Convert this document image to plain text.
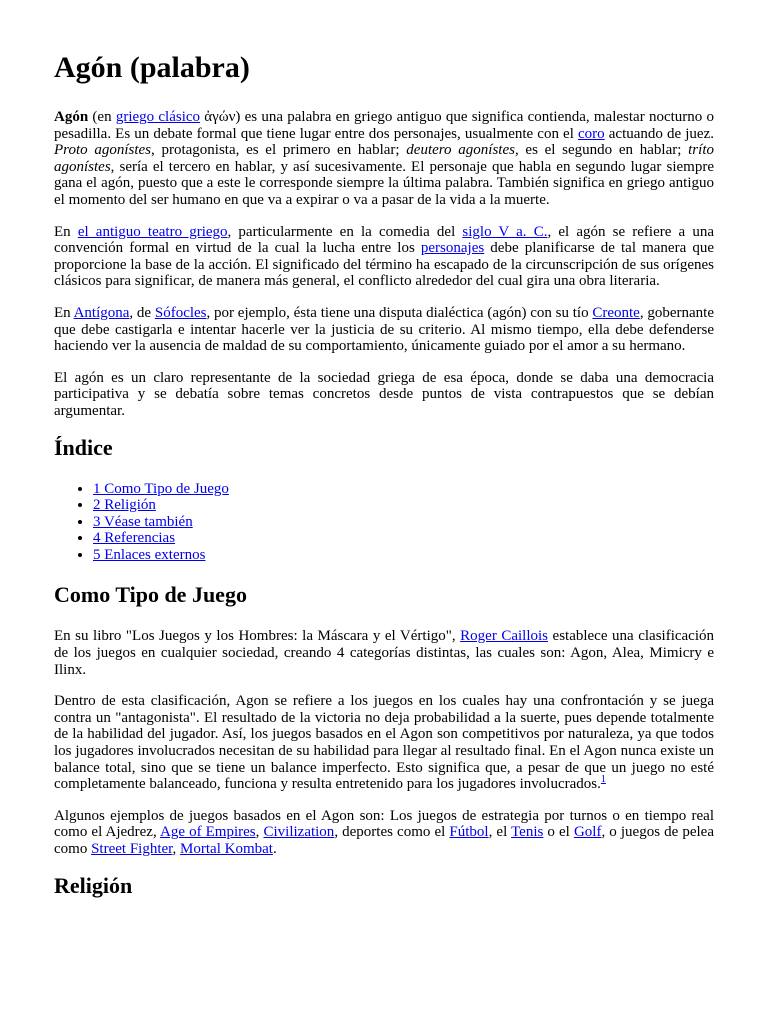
Agón (palabra)

Agón (en griego clásico ἀγών) es una palabra en griego antiguo que significa contienda, malestar nocturno o pesadilla. Es un debate formal que tiene lugar entre dos personajes, usualmente con el coro actuando de juez. Proto agonístes, protagonista, es el primero en hablar; deutero agonístes, es el segundo en hablar; tríto agonístes, sería el tercero en hablar, y así sucesivamente. El personaje que habla en segundo lugar siempre gana el agón, puesto que a este le corresponde siempre la última palabra. También significa en griego antiguo el momento del ser humano en que va a expirar o va a pasar de la vida a la muerte.

En el antiguo teatro griego, particularmente en la comedia del siglo V a. C., el agón se refiere a una convención formal en virtud de la cual la lucha entre los personajes debe planificarse de tal manera que proporcione la base de la acción. El significado del término ha escapado de la circunscripción de sus orígenes clásicos para significar, de manera más general, el conflicto alrededor del cual gira una obra literaria.

En Antígona, de Sófocles, por ejemplo, ésta tiene una disputa dialéctica (agón) con su tío Creonte, gobernante que debe castigarla e intentar hacerle ver la justicia de su criterio. Al mismo tiempo, ella debe defenderse haciendo ver la ausencia de maldad de su comportamiento, únicamente guiado por el amor a su hermano.

El agón es un claro representante de la sociedad griega de esa época, donde se daba una democracia participativa y se debatía sobre temas concretos desde puntos de vista contrapuestos que se debían argumentar.

Índice
• 1 Como Tipo de Juego
• 2 Religión
• 3 Véase también
• 4 Referencias
• 5 Enlaces externos
Como Tipo de Juego

En su libro "Los Juegos y los Hombres: la Máscara y el Vértigo", Roger Caillois establece una clasificación de los juegos en cualquier sociedad, creando 4 categorías distintas, las cuales son: Agon, Alea, Mimicry e Ilinx.

Dentro de esta clasificación, Agon se refiere a los juegos en los cuales hay una confrontación y se juega contra un "antagonista". El resultado de la victoria no deja probabilidad a la suerte, pues depende totalmente de la habilidad del jugador. Así, los juegos basados en el Agon son competitivos por naturaleza, ya que todos los jugadores involucrados necesitan de su habilidad para llegar al resultado final. En el Agon nunca existe un balance total, sino que se tiene un balance imperfecto. Esto significa que, a pesar de que un juego no esté completamente balanceado, funciona y resulta entretenido para los jugadores involucrados.$^1$

Algunos ejemplos de juegos basados en el Agon son: Los juegos de estrategia por turnos o en tiempo real como el Ajedrez, Age of Empires, Civilization, deportes como el Fútbol, el Tenis o el Golf, o juegos de pelea como Street Fighter, Mortal Kombat.

Religión
